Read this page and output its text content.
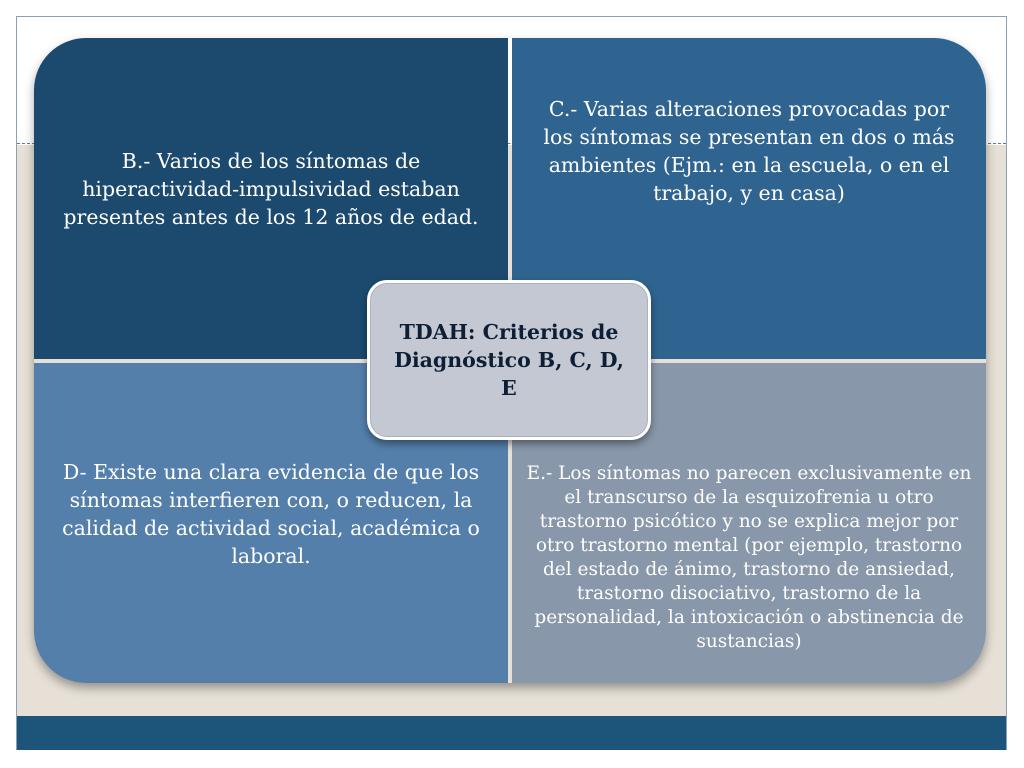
B.- Varios de los síntomas de hiperactividad-impulsividad estaban presentes antes de los 12 años de edad.
C.- Varias alteraciones provocadas por los síntomas se presentan en dos o más ambientes (Ejm.: en la escuela, o en el trabajo, y en casa)
D- Existe una clara evidencia de que los síntomas interfieren con, o reducen, la calidad de actividad social, académica o laboral.
E.- Los síntomas no parecen exclusivamente en el transcurso de la esquizofrenia u otro trastorno psicótico y no se explica mejor por otro trastorno mental (por ejemplo, trastorno del estado de ánimo, trastorno de ansiedad, trastorno disociativo, trastorno de la personalidad, la intoxicación o abstinencia de sustancias)
TDAH: Criterios de Diagnóstico B, C, D, E
